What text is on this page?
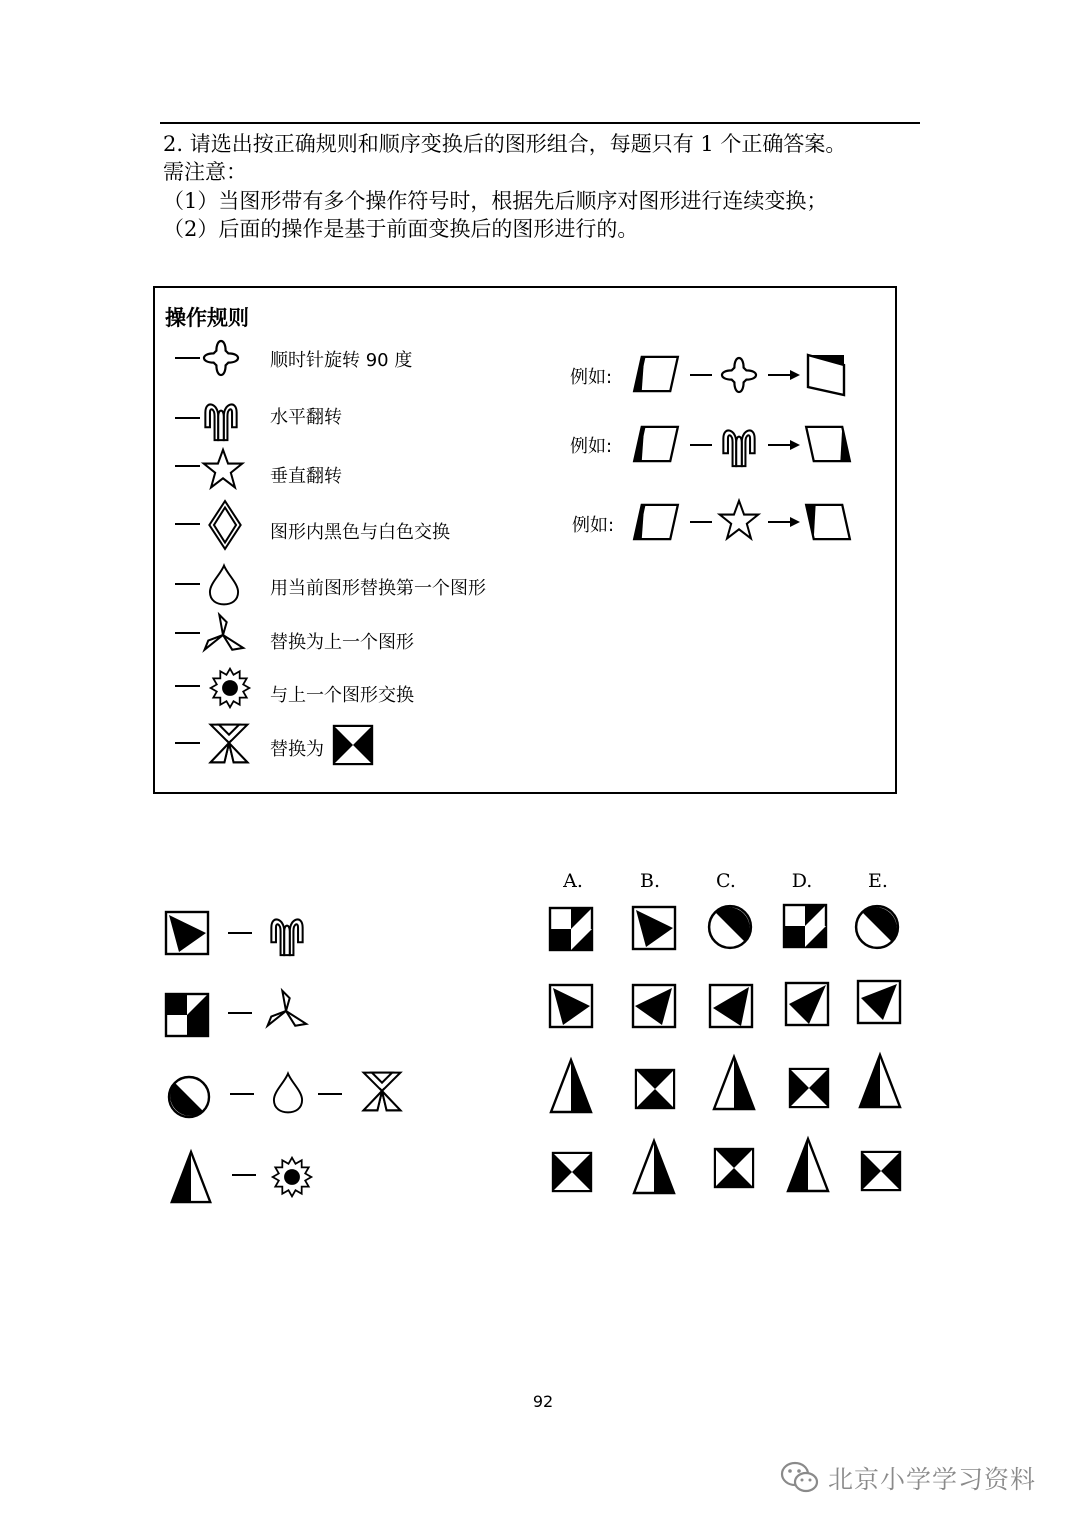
2. 请选出按正确规则和顺序变换后的图形组合，每题只有 1 个正确答案。
需注意：
（1）当图形带有多个操作符号时，根据先后顺序对图形进行连续变换；
（2）后面的操作是基于前面变换后的图形进行的。
操作规则
顺时针旋转 90 度
水平翻转
垂直翻转
图形内黑色与白色交换
用当前图形替换第一个图形
替换为上一个图形
与上一个图形交换
替换为
例如:
例如:
例如:
A.	B.	C.	D.	E.
92
北京小学学习资料
